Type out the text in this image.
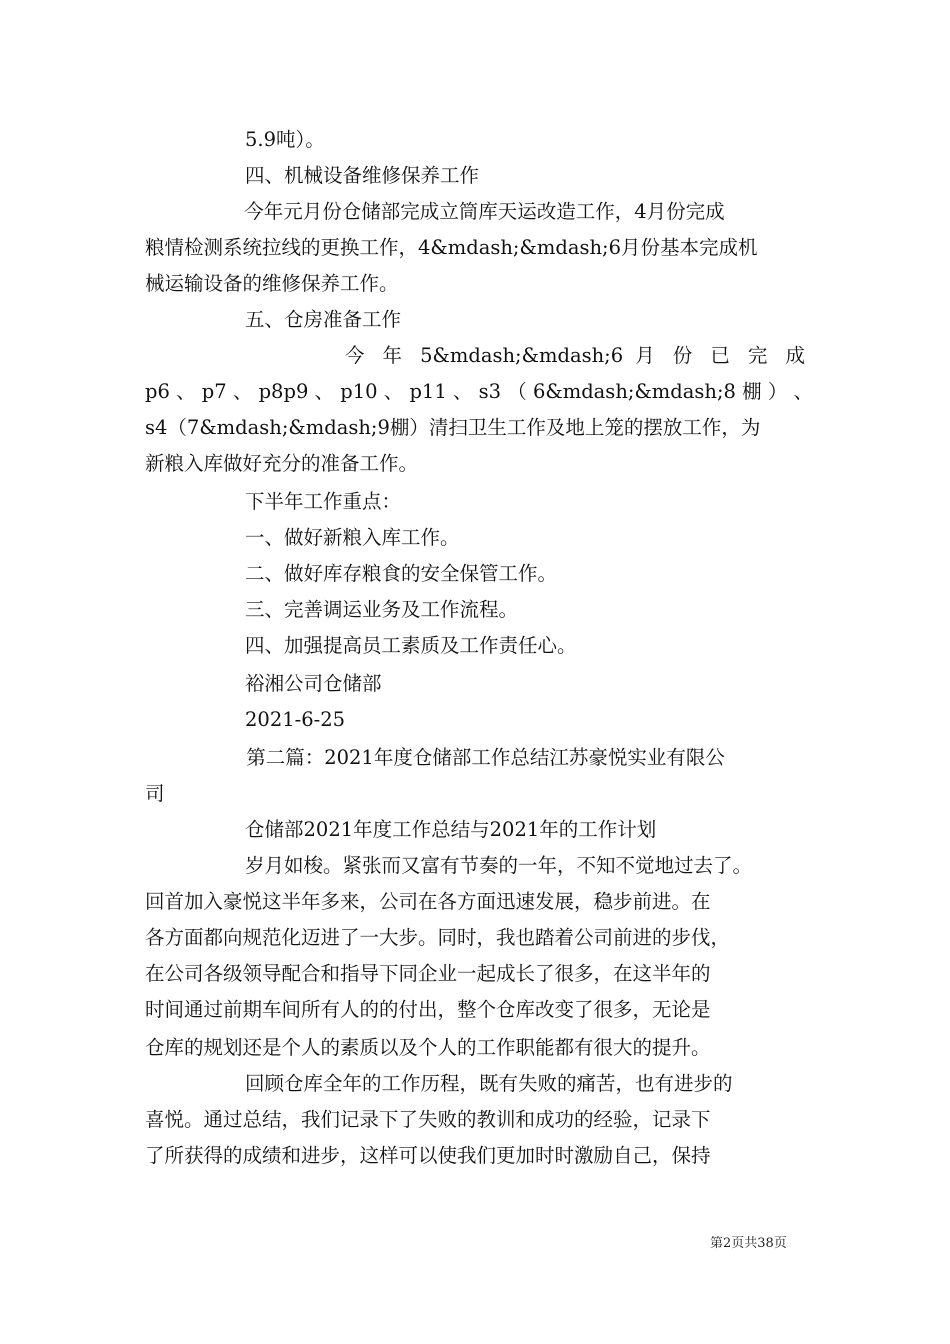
5.9吨）。
四、机械设备维修保养工作
今年元月份仓储部完成立筒库天运改造工作，4月份完成
粮情检测系统拉线的更换工作，4&mdash;&mdash;6月份基本完成机
械运输设备的维修保养工作。
五、仓房准备工作
今 年 5&mdash;&mdash;6 月 份 已 完 成
p6 、 p7 、 p8p9 、 p10 、 p11 、 s3 （ 6&mdash;&mdash;8 棚 ） 、
s4（7&mdash;&mdash;9棚）清扫卫生工作及地上笼的摆放工作，为
新粮入库做好充分的准备工作。
下半年工作重点：
一、做好新粮入库工作。
二、做好库存粮食的安全保管工作。
三、完善调运业务及工作流程。
四、加强提高员工素质及工作责任心。
裕湘公司仓储部
2021-6-25
第二篇：2021年度仓储部工作总结江苏豪悦实业有限公
司
仓储部2021年度工作总结与2021年的工作计划
岁月如梭。紧张而又富有节奏的一年，不知不觉地过去了。
回首加入豪悦这半年多来，公司在各方面迅速发展，稳步前进。在
各方面都向规范化迈进了一大步。同时，我也踏着公司前进的步伐，
在公司各级领导配合和指导下同企业一起成长了很多，在这半年的
时间通过前期车间所有人的的付出，整个仓库改变了很多，无论是
仓库的规划还是个人的素质以及个人的工作职能都有很大的提升。
回顾仓库全年的工作历程，既有失败的痛苦，也有进步的
喜悦。通过总结，我们记录下了失败的教训和成功的经验，记录下
了所获得的成绩和进步，这样可以使我们更加时时激励自己，保持
第2页共38页
